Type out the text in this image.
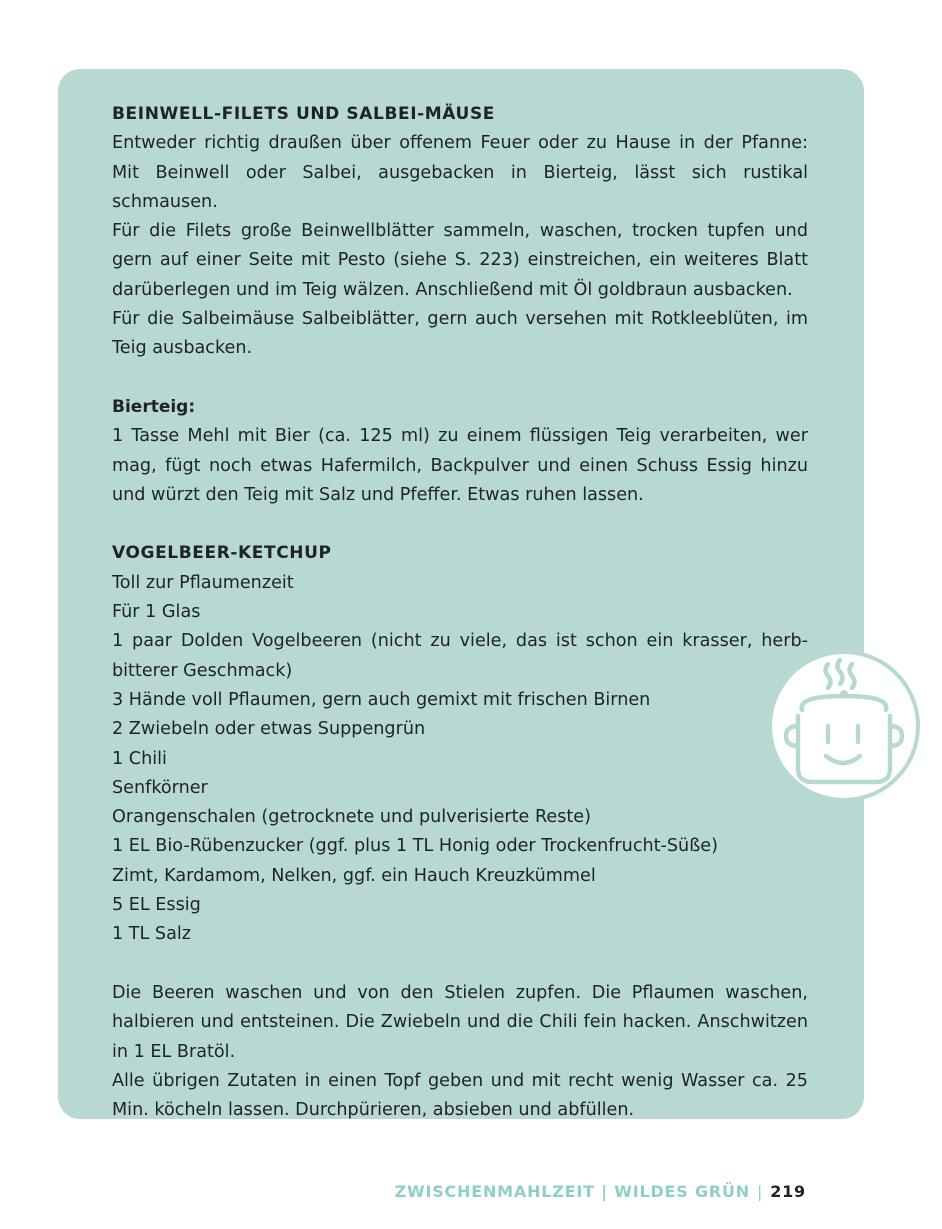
BEINWELL-FILETS UND SALBEI-MÄUSE

Entweder richtig draußen über offenem Feuer oder zu Hause in der Pfanne: Mit Beinwell oder Salbei, ausgebacken in Bierteig, lässt sich rustikal schmausen.

Für die Filets große Beinwellblätter sammeln, waschen, trocken tupfen und gern auf einer Seite mit Pesto (siehe S. 223) einstreichen, ein weiteres Blatt darüberlegen und im Teig wälzen. Anschließend mit Öl goldbraun ausbacken.

Für die Salbeimäuse Salbeiblätter, gern auch versehen mit Rotkleeblüten, im Teig ausbacken.

Bierteig:

1 Tasse Mehl mit Bier (ca. 125 ml) zu einem flüssigen Teig verarbeiten, wer mag, fügt noch etwas Hafermilch, Backpulver und einen Schuss Essig hinzu und würzt den Teig mit Salz und Pfeffer. Etwas ruhen lassen.

VOGELBEER-KETCHUP

Toll zur Pflaumenzeit

Für 1 Glas

1 paar Dolden Vogelbeeren (nicht zu viele, das ist schon ein krasser, herb-bitterer Geschmack)

3 Hände voll Pflaumen, gern auch gemixt mit frischen Birnen

2 Zwiebeln oder etwas Suppengrün

1 Chili

Senfkörner

Orangenschalen (getrocknete und pulverisierte Reste)

1 EL Bio-Rübenzucker (ggf. plus 1 TL Honig oder Trockenfrucht-Süße)

Zimt, Kardamom, Nelken, ggf. ein Hauch Kreuzkümmel

5 EL Essig

1 TL Salz

Die Beeren waschen und von den Stielen zupfen. Die Pflaumen waschen, halbieren und entsteinen. Die Zwiebeln und die Chili fein hacken. Anschwitzen in 1 EL Bratöl.

Alle übrigen Zutaten in einen Topf geben und mit recht wenig Wasser ca. 25 Min. köcheln lassen. Durchpürieren, absieben und abfüllen.

ZWISCHENMAHLZEIT | WILDES GRÜN | 219
